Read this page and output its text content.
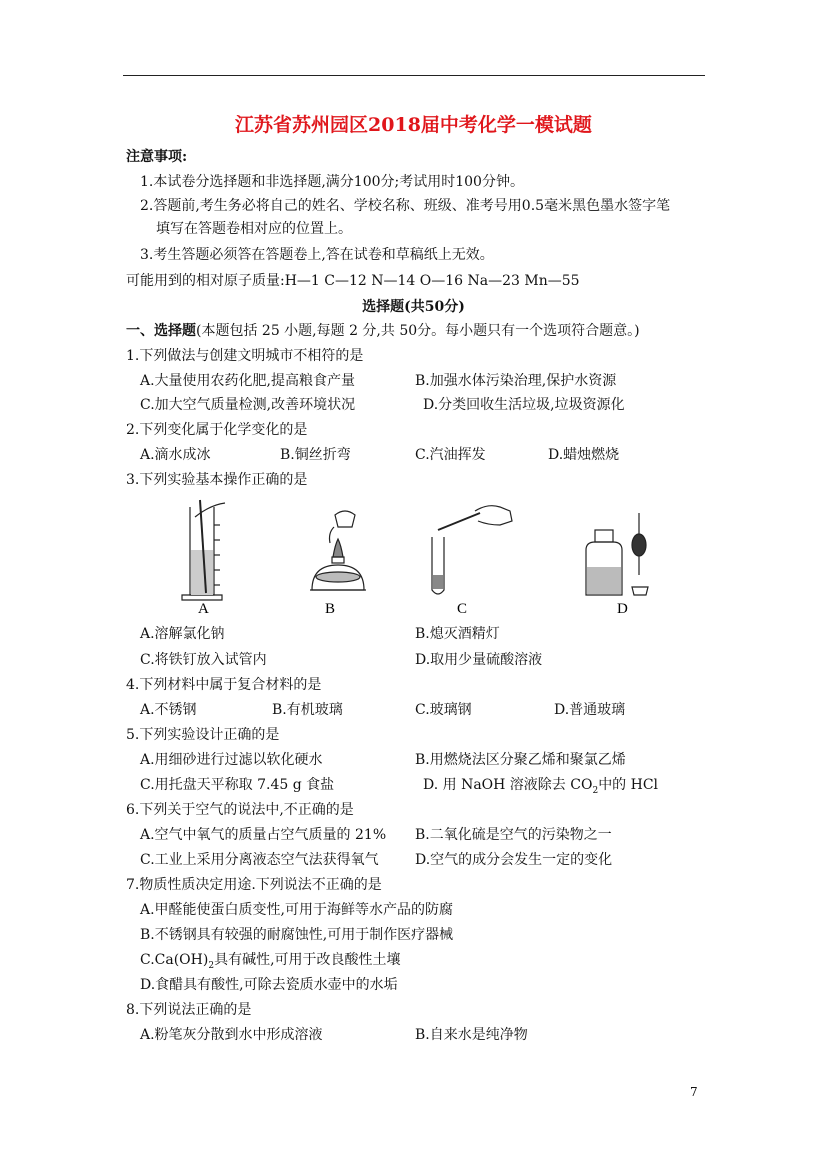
江苏省苏州园区2018届中考化学一模试题
注意事项:
1.本试卷分选择题和非选择题,满分100分;考试用时100分钟。
2.答题前,考生务必将自己的姓名、学校名称、班级、准考号用0.5毫米黑色墨水签字笔
填写在答题卷相对应的位置上。
3.考生答题必须答在答题卷上,答在试卷和草稿纸上无效。
可能用到的相对原子质量:H—1 C—12 N—14 O—16 Na—23 Mn—55
选择题(共50分)
一、选择题(本题包括 25 小题,每题 2 分,共 50分。每小题只有一个选项符合题意。)
1.下列做法与创建文明城市不相符的是
A.大量使用农药化肥,提高粮食产量	B.加强水体污染治理,保护水资源
C.加大空气质量检测,改善环境状况	D.分类回收生活垃圾,垃圾资源化
2.下列变化属于化学变化的是
A.滴水成冰	B.铜丝折弯	C.汽油挥发	D.蜡烛燃烧
3.下列实验基本操作正确的是
A	B	C	D
A.溶解氯化钠	B.熄灭酒精灯
C.将铁钉放入试管内	D.取用少量硫酸溶液
4.下列材料中属于复合材料的是
A.不锈钢	B.有机玻璃	C.玻璃钢	D.普通玻璃
5.下列实验设计正确的是
A.用细砂进行过滤以软化硬水	B.用燃烧法区分聚乙烯和聚氯乙烯
C.用托盘天平称取 7.45 g 食盐	D. 用 NaOH 溶液除去 $CO_2$中的 HCl
6.下列关于空气的说法中,不正确的是
A.空气中氧气的质量占空气质量的 21% B.二氧化硫是空气的污染物之一
C.工业上采用分离液态空气法获得氧气	D.空气的成分会发生一定的变化
7.物质性质决定用途.下列说法不正确的是
A.甲醛能使蛋白质变性,可用于海鲜等水产品的防腐
B.不锈钢具有较强的耐腐蚀性,可用于制作医疗器械
$C.Ca(OH)_2$具有碱性,可用于改良酸性土壤
D.食醋具有酸性,可除去瓷质水壶中的水垢
8.下列说法正确的是
A.粉笔灰分散到水中形成溶液	B.自来水是纯净物
7
